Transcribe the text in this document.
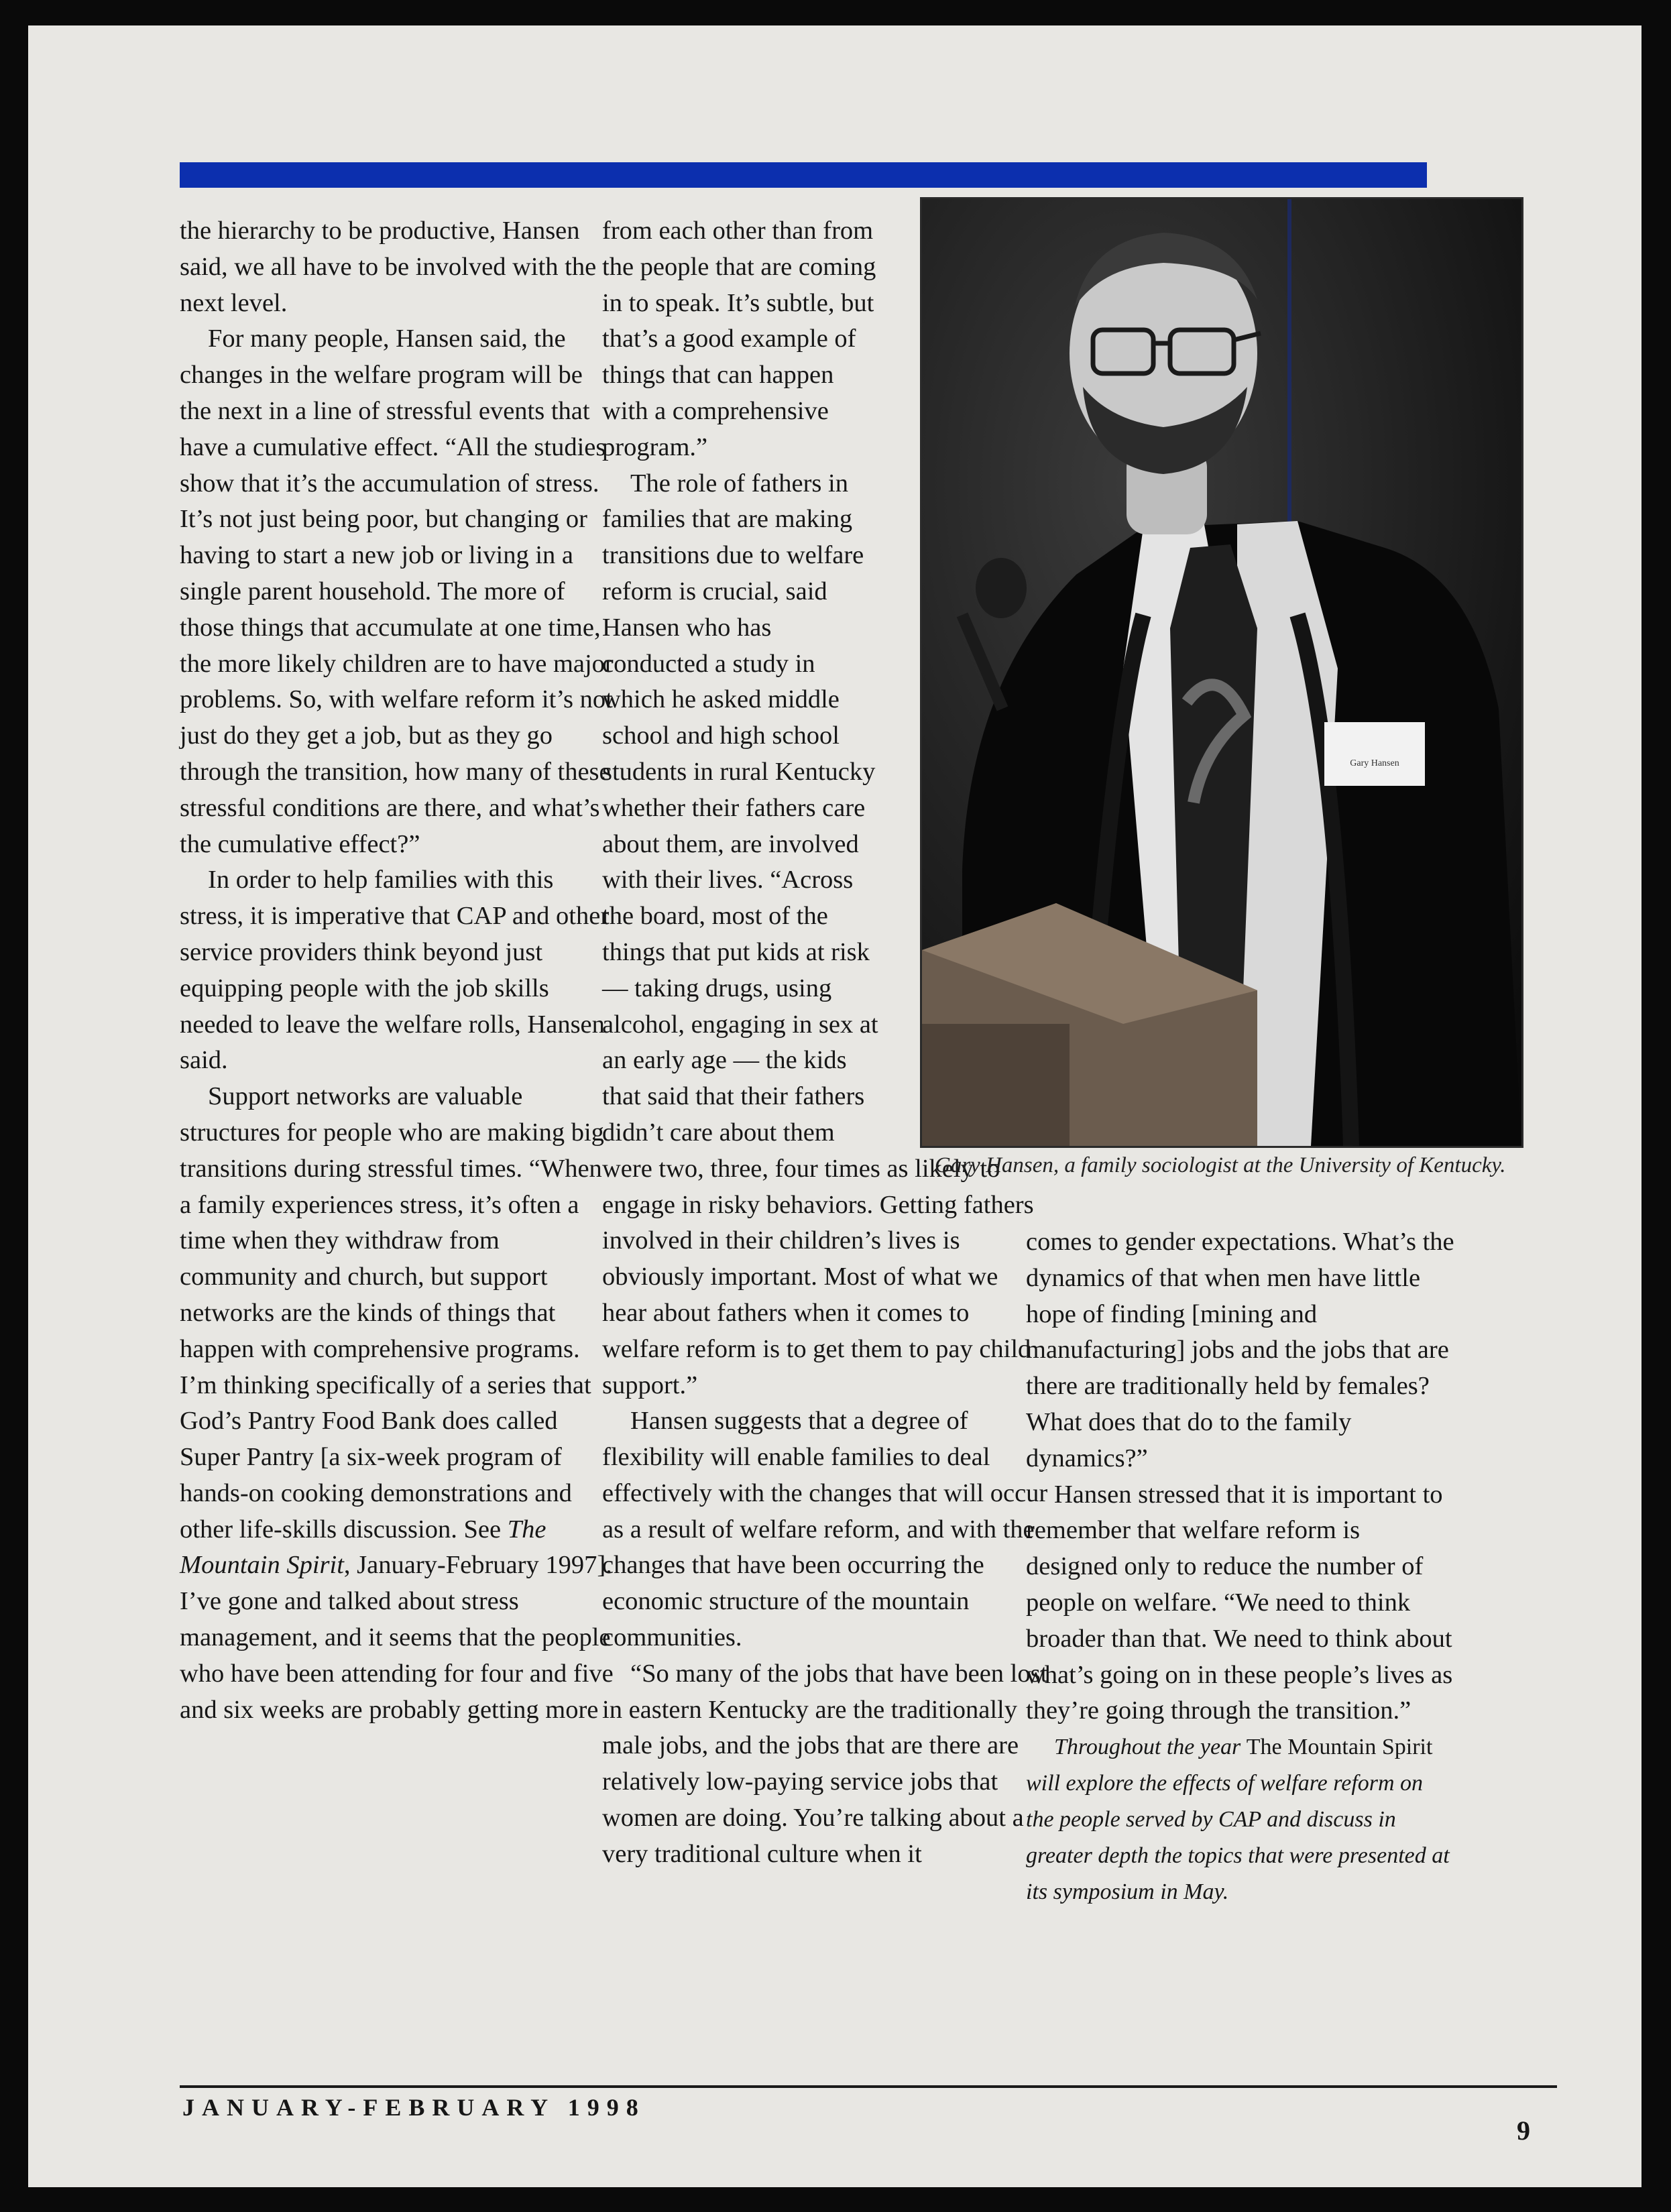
the hierarchy to be productive, Hansen said, we all have to be involved with the next level.

For many people, Hansen said, the changes in the welfare program will be the next in a line of stressful events that have a cumulative effect. “All the studies show that it’s the accumulation of stress. It’s not just being poor, but changing or having to start a new job or living in a single parent household. The more of those things that accumulate at one time, the more likely children are to have major problems. So, with welfare reform it’s not just do they get a job, but as they go through the transition, how many of these stressful conditions are there, and what’s the cumulative effect?”

In order to help families with this stress, it is imperative that CAP and other service providers think beyond just equipping people with the job skills needed to leave the welfare rolls, Hansen said.

Support networks are valuable structures for people who are making big transitions during stressful times. “When a family experiences stress, it’s often a time when they withdraw from community and church, but support networks are the kinds of things that happen with comprehensive programs. I’m thinking specifically of a series that God’s Pantry Food Bank does called Super Pantry [a six-week program of hands-on cooking demonstrations and other life-skills discussion. See The Mountain Spirit, January-February 1997]. I’ve gone and talked about stress management, and it seems that the people who have been attending for four and five and six weeks are probably getting more

from each other than from the people that are coming in to speak. It’s subtle, but that’s a good example of things that can happen with a comprehensive program.”

The role of fathers in families that are making transitions due to welfare reform is crucial, said Hansen who has conducted a study in which he asked middle school and high school students in rural Kentucky whether their fathers care about them, are involved with their lives. “Across the board, most of the things that put kids at risk — taking drugs, using alcohol, engaging in sex at an early age — the kids that said that their fathers didn’t care about them

were two, three, four times as likely to engage in risky behaviors. Getting fathers involved in their children’s lives is obviously important. Most of what we hear about fathers when it comes to welfare reform is to get them to pay child support.”

Hansen suggests that a degree of flexibility will enable families to deal effectively with the changes that will occur as a result of welfare reform, and with the changes that have been occurring the economic structure of the mountain communities.

“So many of the jobs that have been lost in eastern Kentucky are the traditionally male jobs, and the jobs that are there are relatively low-paying service jobs that women are doing. You’re talking about a very traditional culture when it

Gary Hansen
Gary Hansen, a family sociologist at the University of Kentucky.

comes to gender expectations. What’s the dynamics of that when men have little hope of finding [mining and manufacturing] jobs and the jobs that are there are traditionally held by females? What does that do to the family dynamics?”

Hansen stressed that it is important to remember that welfare reform is designed only to reduce the number of people on welfare. “We need to think broader than that. We need to think about what’s going on in these people’s lives as they’re going through the transition.”

Throughout the year The Mountain Spirit will explore the effects of welfare reform on the people served by CAP and discuss in greater depth the topics that were presented at its symposium in May.

JANUARY-FEBRUARY 1998
9
